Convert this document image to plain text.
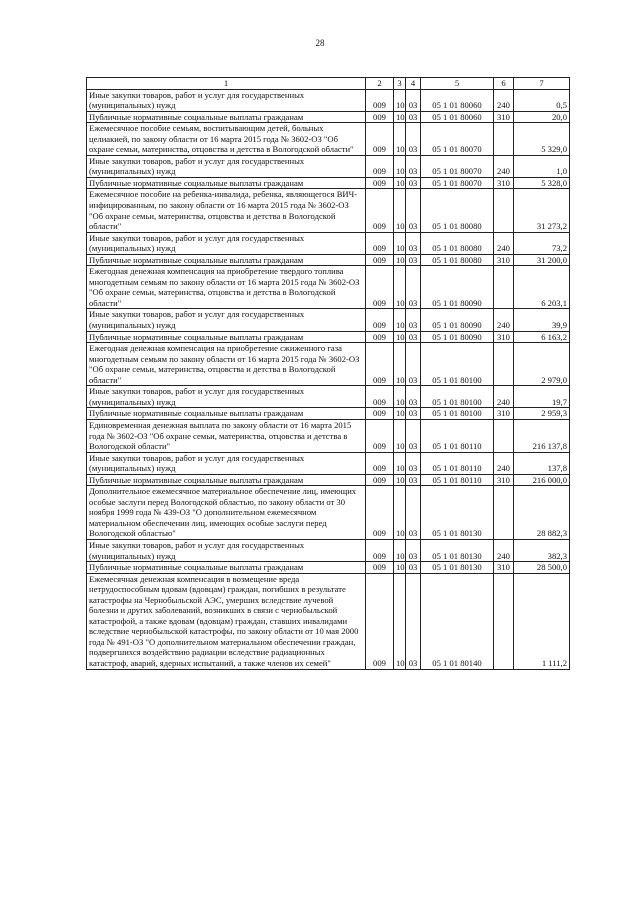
28
1	2	3	4	5	6	7
Иные закупки товаров, работ и услуг для государственных (муниципальных) нужд	009	10	03	05 1 01 80060	240	0,5
Публичные нормативные социальные выплаты гражданам	009	10	03	05 1 01 80060	310	20,0
Ежемесячное пособие семьям, воспитывающим детей, больных целиакией, по закону области от 16 марта 2015 года № 3602-ОЗ "Об охране семьи, материнства, отцовства и детства в Вологодской области"	009	10	03	05 1 01 80070		5 329,0
Иные закупки товаров, работ и услуг для государственных (муниципальных) нужд	009	10	03	05 1 01 80070	240	1,0
Публичные нормативные социальные выплаты гражданам	009	10	03	05 1 01 80070	310	5 328,0
Ежемесячное пособие на ребенка-инвалида, ребенка, являющегося ВИЧ-инфицированным, по закону области от 16 марта 2015 года № 3602-ОЗ "Об охране семьи, материнства, отцовства и детства в Вологодской области"	009	10	03	05 1 01 80080		31 273,2
Иные закупки товаров, работ и услуг для государственных (муниципальных) нужд	009	10	03	05 1 01 80080	240	73,2
Публичные нормативные социальные выплаты гражданам	009	10	03	05 1 01 80080	310	31 200,0
Ежегодная денежная компенсация на приобретение твердого топлива многодетным семьям по закону области от 16 марта 2015 года № 3602-ОЗ "Об охране семьи, материнства, отцовства и детства в Вологодской области"	009	10	03	05 1 01 80090		6 203,1
Иные закупки товаров, работ и услуг для государственных (муниципальных) нужд	009	10	03	05 1 01 80090	240	39,9
Публичные нормативные социальные выплаты гражданам	009	10	03	05 1 01 80090	310	6 163,2
Ежегодная денежная компенсация на приобретение сжиженного газа многодетным семьям по закону области от 16 марта 2015 года № 3602-ОЗ "Об охране семьи, материнства, отцовства и детства в Вологодской области"	009	10	03	05 1 01 80100		2 979,0
Иные закупки товаров, работ и услуг для государственных (муниципальных) нужд	009	10	03	05 1 01 80100	240	19,7
Публичные нормативные социальные выплаты гражданам	009	10	03	05 1 01 80100	310	2 959,3
Единовременная денежная выплата по закону области от 16 марта 2015 года № 3602-ОЗ "Об охране семьи, материнства, отцовства и детства в Вологодской области"	009	10	03	05 1 01 80110		216 137,8
Иные закупки товаров, работ и услуг для государственных (муниципальных) нужд	009	10	03	05 1 01 80110	240	137,8
Публичные нормативные социальные выплаты гражданам	009	10	03	05 1 01 80110	310	216 000,0
Дополнительное ежемесячное материальное обеспечение лиц, имеющих особые заслуги перед Вологодской областью, по закону области от 30 ноября 1999 года № 439-ОЗ "О дополнительном ежемесячном материальном обеспечении лиц, имеющих особые заслуги перед Вологодской областью"	009	10	03	05 1 01 80130		28 882,3
Иные закупки товаров, работ и услуг для государственных (муниципальных) нужд	009	10	03	05 1 01 80130	240	382,3
Публичные нормативные социальные выплаты гражданам	009	10	03	05 1 01 80130	310	28 500,0
Ежемесячная денежная компенсация в возмещение вреда нетрудоспособным вдовам (вдовцам) граждан, погибших в результате катастрофы на Чернобыльской АЭС, умерших вследствие лучевой болезни и других заболеваний, возникших в связи с чернобыльской катастрофой, а также вдовам (вдовцам) граждан, ставших инвалидами вследствие чернобыльской катастрофы, по закону области от 10 мая 2000 года № 491-ОЗ "О дополнительном материальном обеспечении граждан, подвергшихся воздействию радиации вследствие радиационных катастроф, аварий, ядерных испытаний, а также членов их семей"	009	10	03	05 1 01 80140		1 111,2
